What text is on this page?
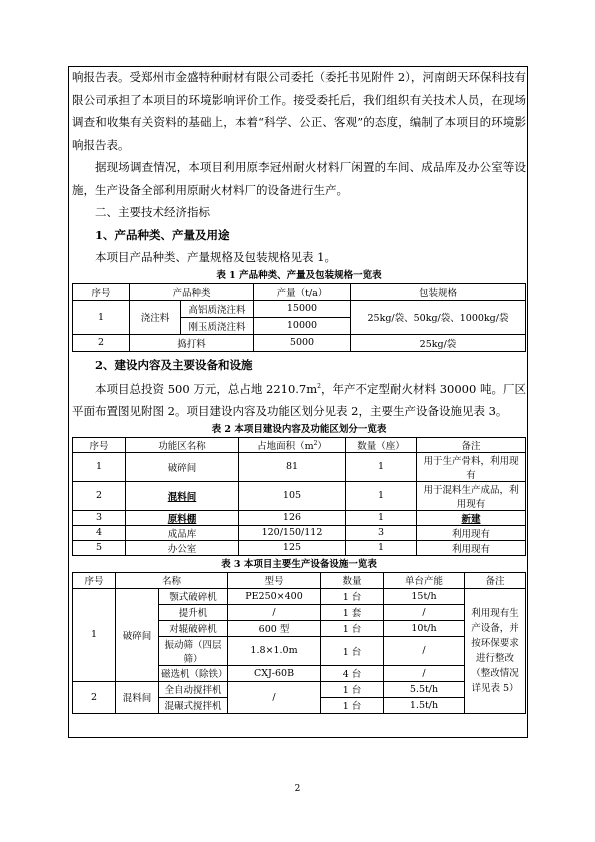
响报告表。受郑州市金盛特种耐材有限公司委托（委托书见附件 2），河南朗天环保科技有限公司承担了本项目的环境影响评价工作。接受委托后，我们组织有关技术人员，在现场调查和收集有关资料的基础上，本着“科学、公正、客观”的态度，编制了本项目的环境影响报告表。

据现场调查情况，本项目利用原李冠州耐火材料厂闲置的车间、成品库及办公室等设施，生产设备全部利用原耐火材料厂的设备进行生产。

二、主要技术经济指标

1、产品种类、产量及用途

本项目产品种类、产量规格及包装规格见表 1。

表 1 产品种类、产量及包装规格一览表

序号	产品种类		产量（t/a）	包装规格
1	浇注料	高铝质浇注料	15000	25kg/袋、50kg/袋、1000kg/袋
		刚玉质浇注料	10000	
2	捣打料		5000	25kg/袋

2、建设内容及主要设备和设施

本项目总投资 500 万元，总占地 $2210.7m^2$，年产不定型耐火材料 30000 吨。厂区平面布置图见附图 2。项目建设内容及功能区划分见表 2，主要生产设备设施见表 3。

表 2 本项目建设内容及功能区划分一览表

序号	功能区名称	占地面积$(m^2)$	数量（座）	备注
1	破碎间	81	1	用于生产骨料，利用现有
2	混料间	105	1	用于混料生产成品，利用现有
3	原料棚	126	1	新建
4	成品库	120/150/112	3	利用现有
5	办公室	125	1	利用现有

表 3 本项目主要生产设备设施一览表

序号	名称		型号	数量	单台产能	备注
1	破碎间	颚式破碎机	PE250×400	1 台	15t/h	利用现有生产设备，并按环保要求进行整改（整改情况详见表 5）
		提升机	/	1 套	/	
		对辊破碎机	600 型	1 台	10t/h	
		振动筛（四层筛）	1.8×1.0m	1 台	/	
		磁选机（除铁）	CXJ-60B	4 台	/	
2	混料间	全自动搅拌机	/	1 台	5.5t/h	
		混碾式搅拌机		1 台	1.5t/h	
2
